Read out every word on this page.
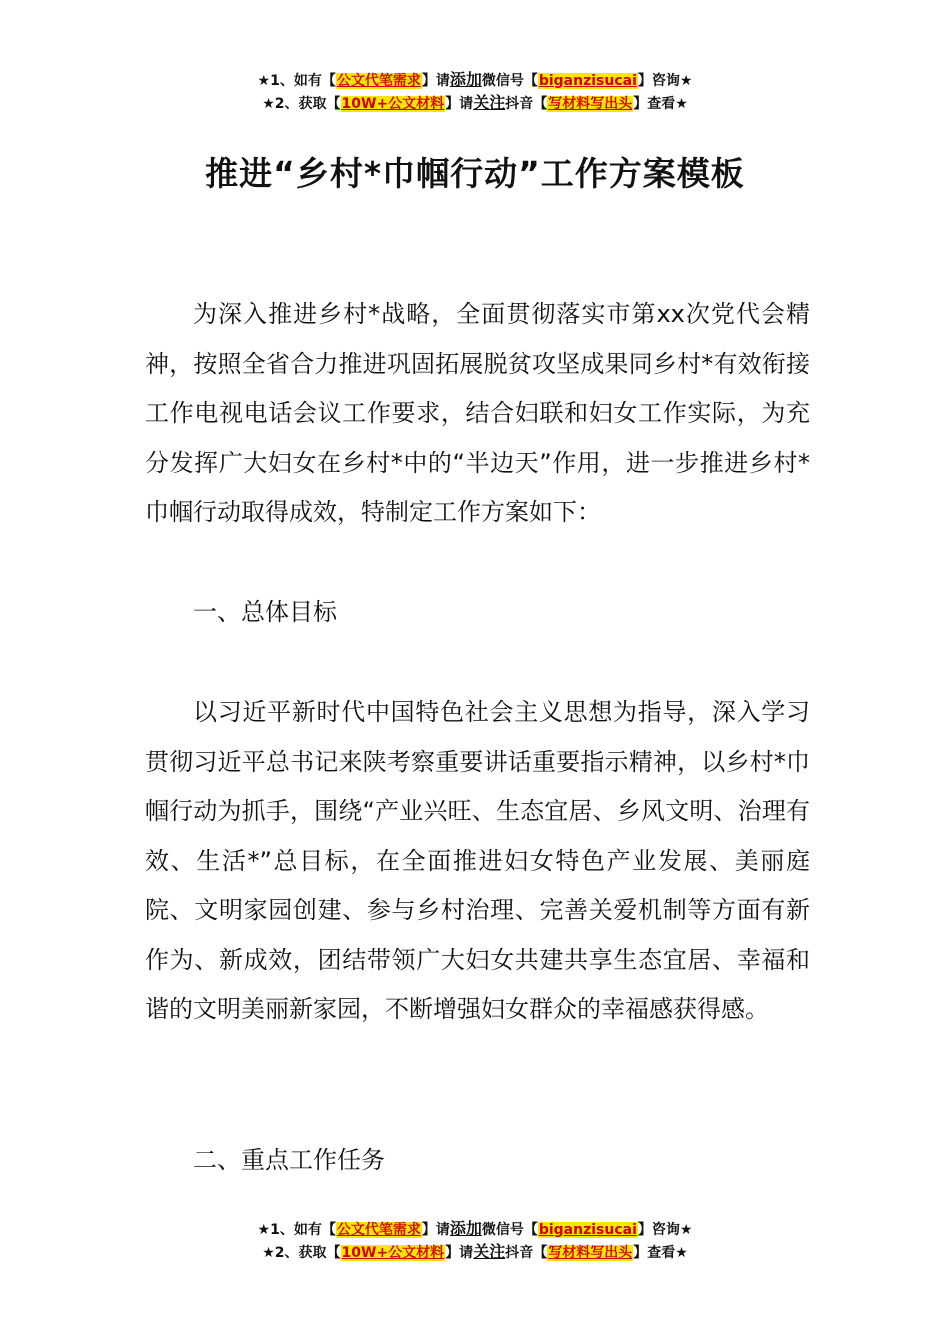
★1、如有【公文代笔需求】请添加微信号【biganzisucai】咨询★
★2、获取【10W+公文材料】请关注抖音【写材料写出头】查看★
推进“乡村*巾帼行动”工作方案模板

为深入推进乡村*战略，全面贯彻落实市第xx次党代会精神，按照全省合力推进巩固拓展脱贫攻坚成果同乡村*有效衔接工作电视电话会议工作要求，结合妇联和妇女工作实际，为充分发挥广大妇女在乡村*中的“半边天”作用，进一步推进乡村*巾帼行动取得成效，特制定工作方案如下：

一、总体目标

以习近平新时代中国特色社会主义思想为指导，深入学习贯彻习近平总书记来陕考察重要讲话重要指示精神，以乡村*巾帼行动为抓手，围绕“产业兴旺、生态宜居、乡风文明、治理有效、生活*”总目标，在全面推进妇女特色产业发展、美丽庭院、文明家园创建、参与乡村治理、完善关爱机制等方面有新作为、新成效，团结带领广大妇女共建共享生态宜居、幸福和谐的文明美丽新家园，不断增强妇女群众的幸福感获得感。

二、重点工作任务

★1、如有【公文代笔需求】请添加微信号【biganzisucai】咨询★
★2、获取【10W+公文材料】请关注抖音【写材料写出头】查看★
